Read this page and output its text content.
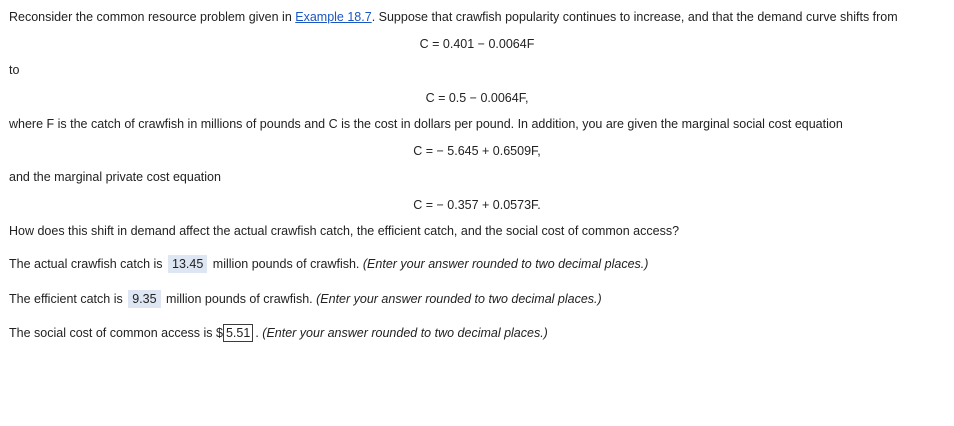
Reconsider the common resource problem given in Example 18.7. Suppose that crawfish popularity continues to increase, and that the demand curve shifts from
C = 0.401 − 0.0064F
to
C = 0.5 − 0.0064F,
where F is the catch of crawfish in millions of pounds and C is the cost in dollars per pound. In addition, you are given the marginal social cost equation
C = − 5.645 + 0.6509F,
and the marginal private cost equation
C = − 0.357 + 0.0573F.
How does this shift in demand affect the actual crawfish catch, the efficient catch, and the social cost of common access?
The actual crawfish catch is 13.45 million pounds of crawfish. (Enter your answer rounded to two decimal places.)
The efficient catch is 9.35 million pounds of crawfish. (Enter your answer rounded to two decimal places.)
The social cost of common access is $ 5.51 . (Enter your answer rounded to two decimal places.)
